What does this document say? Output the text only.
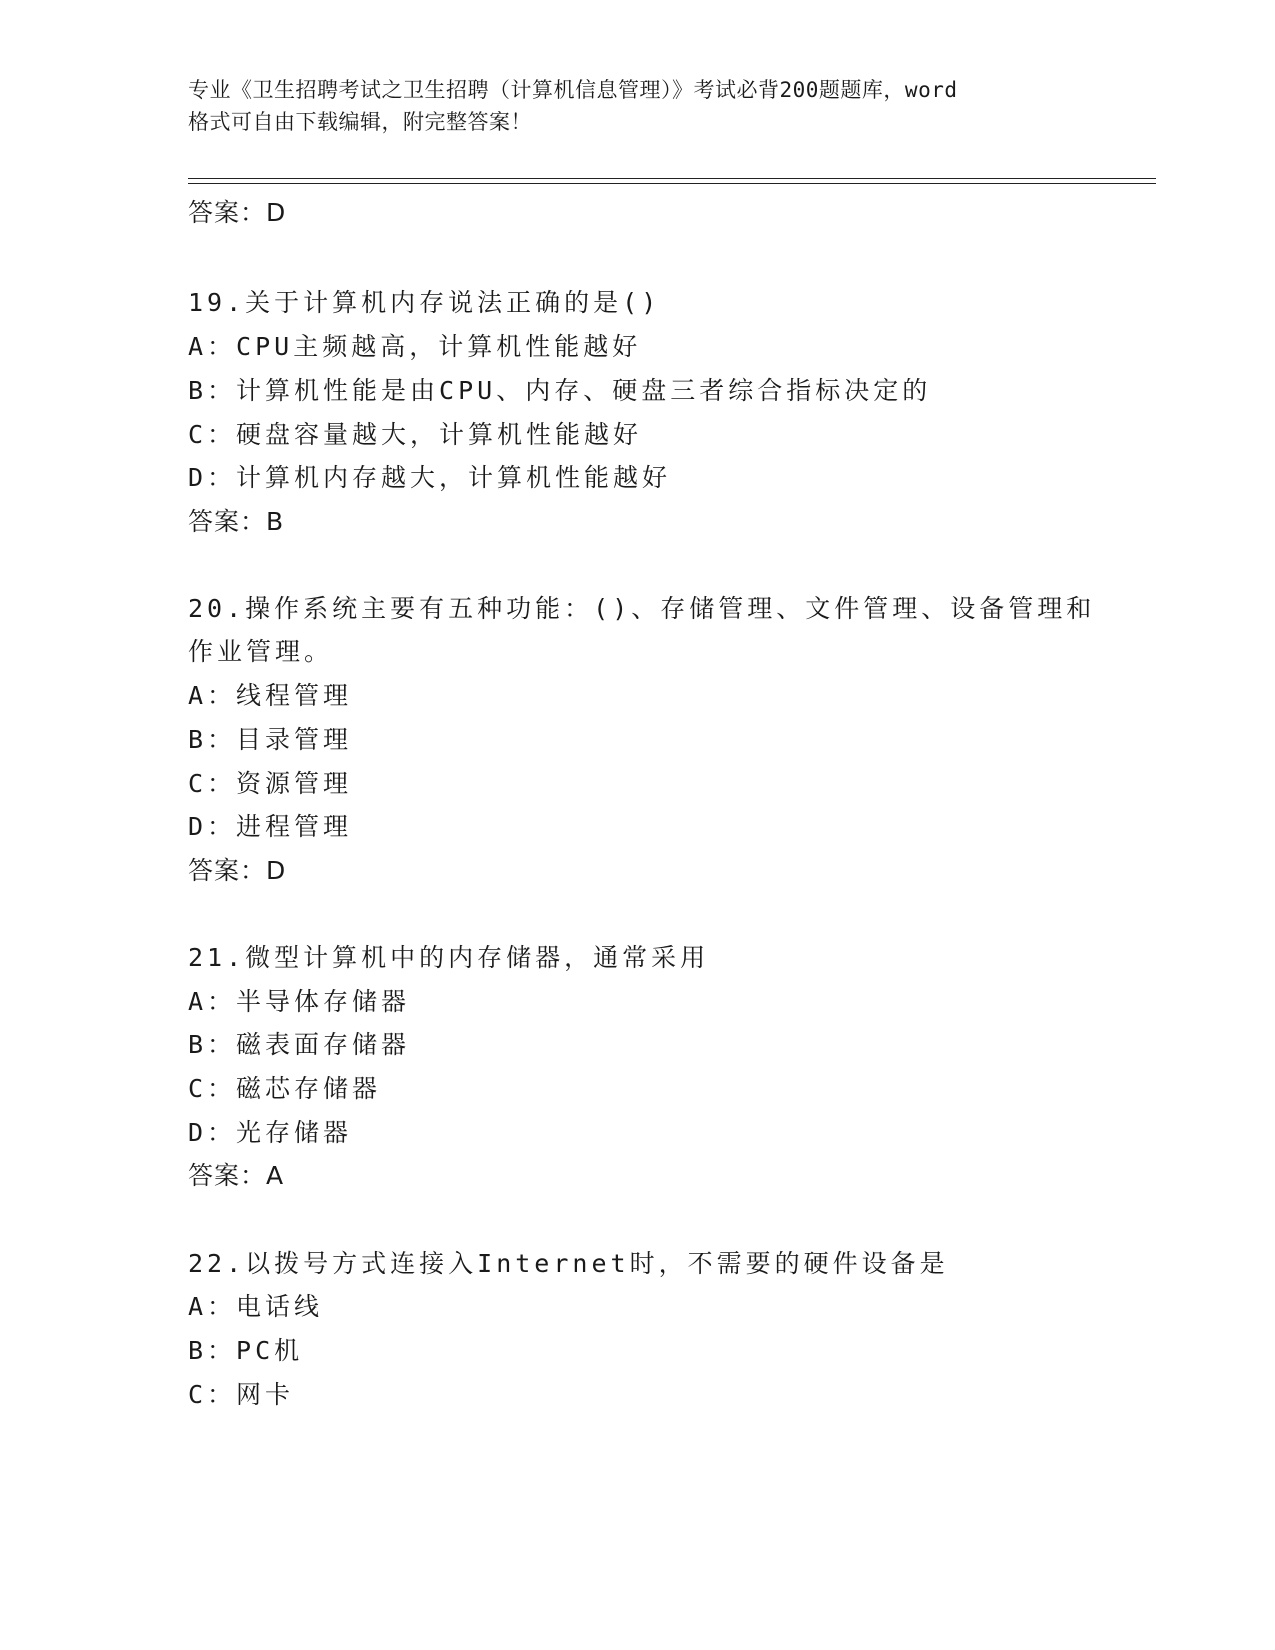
专业《卫生招聘考试之卫生招聘（计算机信息管理）》考试必背200题题库，word
格式可自由下载编辑，附完整答案！
答案：D
19.关于计算机内存说法正确的是()
A：CPU主频越高，计算机性能越好
B：计算机性能是由CPU、内存、硬盘三者综合指标决定的
C：硬盘容量越大，计算机性能越好
D：计算机内存越大，计算机性能越好
答案：B
20.操作系统主要有五种功能：()、存储管理、文件管理、设备管理和
作业管理。
A：线程管理
B：目录管理
C：资源管理
D：进程管理
答案：D
21.微型计算机中的内存储器，通常采用
A：半导体存储器
B：磁表面存储器
C：磁芯存储器
D：光存储器
答案：A
22.以拨号方式连接入Internet时，不需要的硬件设备是
A：电话线
B：PC机
C：网卡
